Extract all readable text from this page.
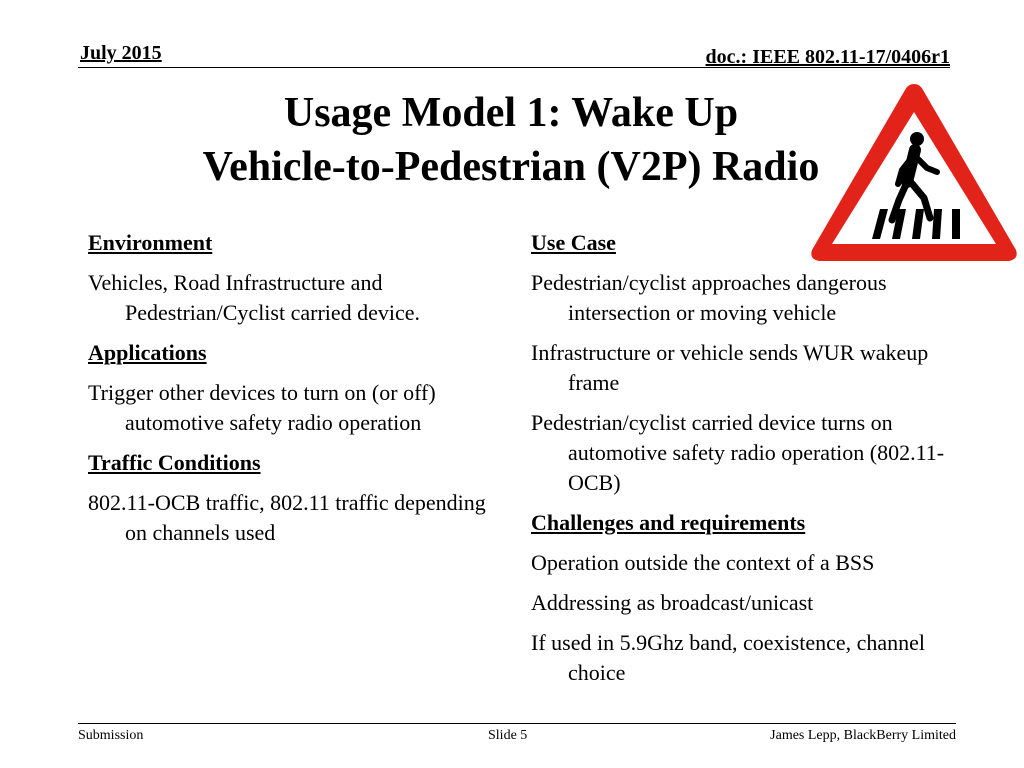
July 2015	doc.: IEEE 802.11-17/0406r1
Usage Model 1: Wake Up
Vehicle-to-Pedestrian (V2P) Radio
Environment
Vehicles, Road Infrastructure and Pedestrian/Cyclist carried device.
Applications
Trigger other devices to turn on (or off) automotive safety radio operation
Traffic Conditions
802.11-OCB traffic, 802.11 traffic depending on channels used
Use Case
Pedestrian/cyclist approaches dangerous intersection or moving vehicle
Infrastructure or vehicle sends WUR wakeup frame
Pedestrian/cyclist carried device turns on automotive safety radio operation (802.11-OCB)
Challenges and requirements
Operation outside the context of a BSS
Addressing as broadcast/unicast
If used in 5.9Ghz band, coexistence, channel choice
Submission	Slide 5	James Lepp, BlackBerry Limited
